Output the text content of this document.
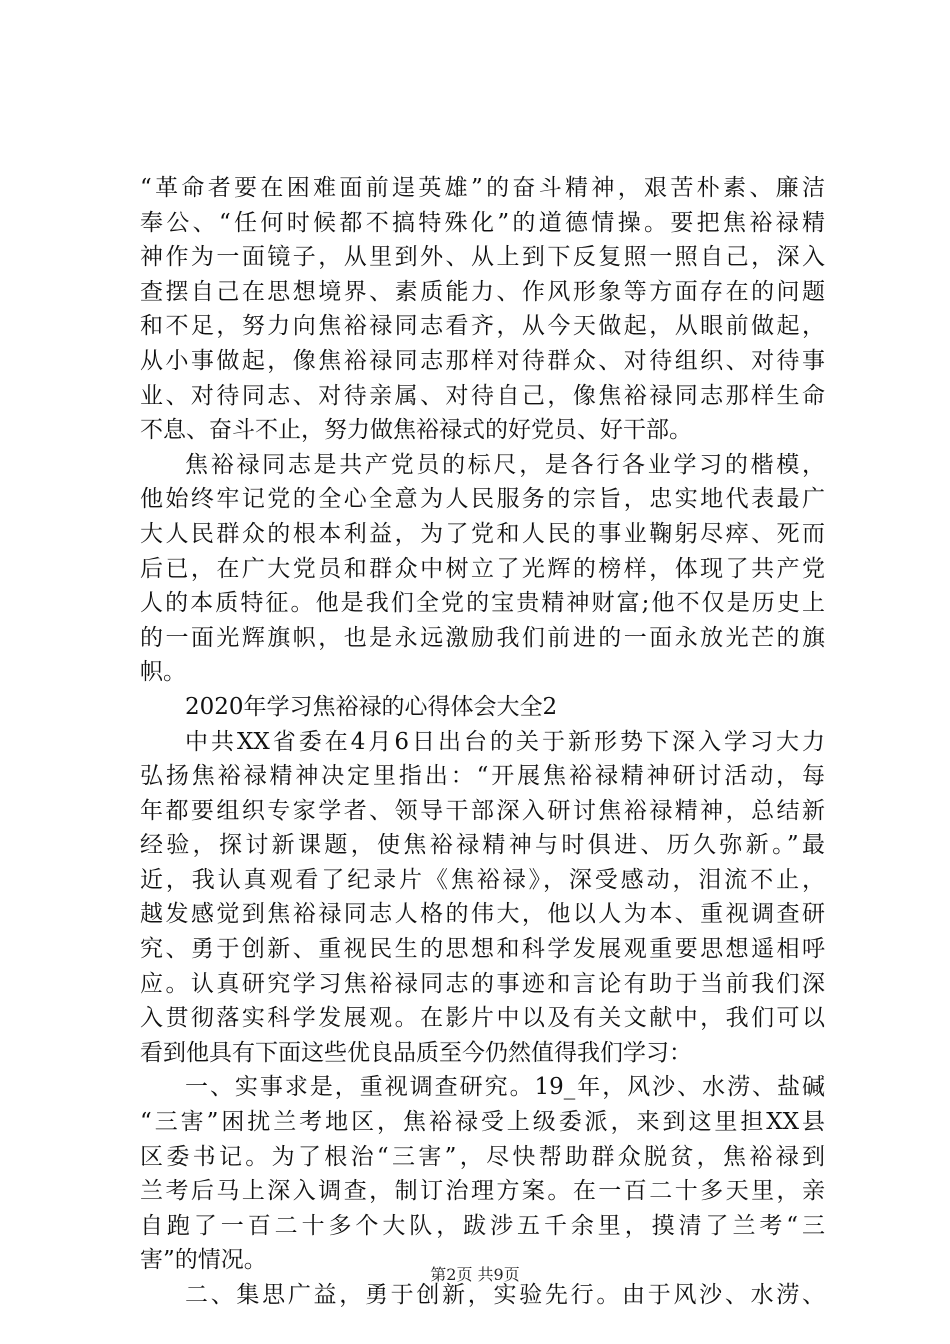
“革命者要在困难面前逞英雄”的奋斗精神，艰苦朴素、廉洁
奉公、“任何时候都不搞特殊化”的道德情操。要把焦裕禄精
神作为一面镜子，从里到外、从上到下反复照一照自己，深入
查摆自己在思想境界、素质能力、作风形象等方面存在的问题
和不足，努力向焦裕禄同志看齐，从今天做起，从眼前做起，
从小事做起，像焦裕禄同志那样对待群众、对待组织、对待事
业、对待同志、对待亲属、对待自己，像焦裕禄同志那样生命
不息、奋斗不止，努力做焦裕禄式的好党员、好干部。
焦裕禄同志是共产党员的标尺，是各行各业学习的楷模，
他始终牢记党的全心全意为人民服务的宗旨，忠实地代表最广
大人民群众的根本利益，为了党和人民的事业鞠躬尽瘁、死而
后已，在广大党员和群众中树立了光辉的榜样，体现了共产党
人的本质特征。他是我们全党的宝贵精神财富;他不仅是历史上
的一面光辉旗帜，也是永远激励我们前进的一面永放光芒的旗
帜。
2020年学习焦裕禄的心得体会大全2
中共XX省委在4月6日出台的关于新形势下深入学习大力
弘扬焦裕禄精神决定里指出：“开展焦裕禄精神研讨活动，每
年都要组织专家学者、领导干部深入研讨焦裕禄精神，总结新
经验，探讨新课题，使焦裕禄精神与时俱进、历久弥新。”最
近，我认真观看了纪录片《焦裕禄》，深受感动，泪流不止，
越发感觉到焦裕禄同志人格的伟大，他以人为本、重视调查研
究、勇于创新、重视民生的思想和科学发展观重要思想遥相呼
应。认真研究学习焦裕禄同志的事迹和言论有助于当前我们深
入贯彻落实科学发展观。在影片中以及有关文献中，我们可以
看到他具有下面这些优良品质至今仍然值得我们学习：
一、实事求是，重视调查研究。19_年，风沙、水涝、盐碱
“三害”困扰兰考地区，焦裕禄受上级委派，来到这里担XX县
区委书记。为了根治“三害”，尽快帮助群众脱贫，焦裕禄到
兰考后马上深入调查，制订治理方案。在一百二十多天里，亲
自跑了一百二十多个大队，跋涉五千余里，摸清了兰考“三
害”的情况。
二、集思广益，勇于创新，实验先行。由于风沙、水涝、
第2页 共9页
